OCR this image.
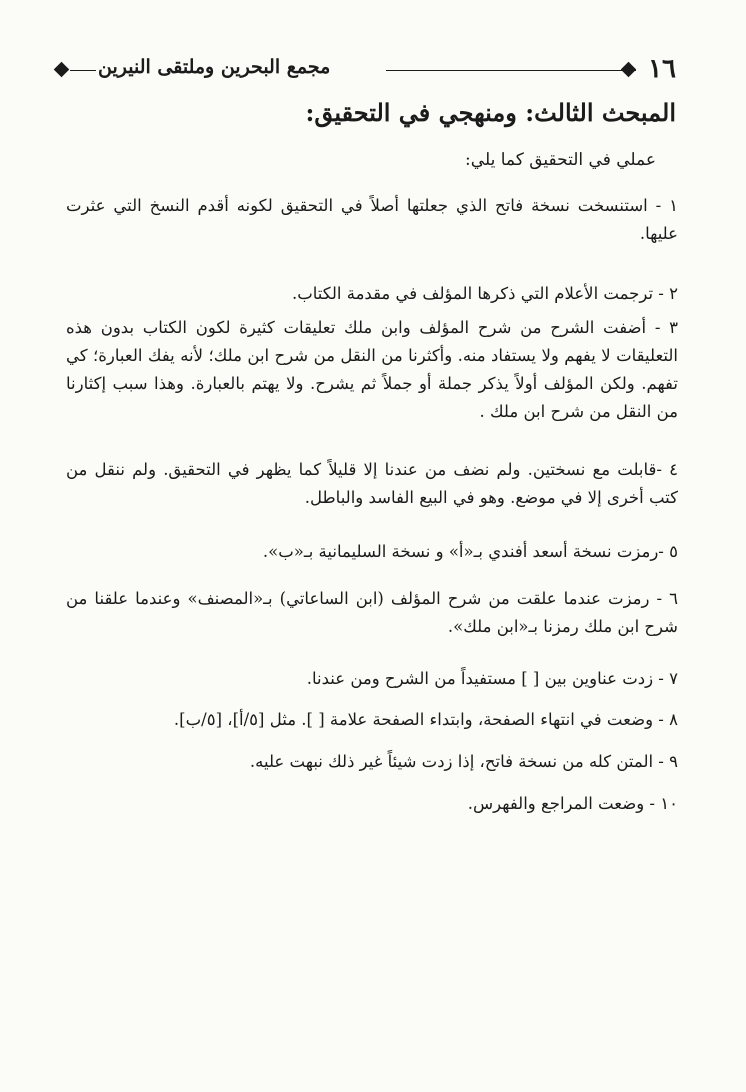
١٦
مجمع البحرين وملتقى النيرين
المبحث الثالث: ومنهجي في التحقيق:
عملي في التحقيق كما يلي:

١ - استنسخت نسخة فاتح الذي جعلتها أصلاً في التحقيق لكونه أقدم النسخ التي عثرت عليها.

٢ - ترجمت الأعلام التي ذكرها المؤلف في مقدمة الكتاب.

٣ - أضفت الشرح من شرح المؤلف وابن ملك تعليقات كثيرة لكون الكتاب بدون هذه التعليقات لا يفهم ولا يستفاد منه. وأكثرنا من النقل من شرح ابن ملك؛ لأنه يفك العبارة؛ كي تفهم. ولكن المؤلف أولاً يذكر جملة أو جملاً ثم يشرح. ولا يهتم بالعبارة. وهذا سبب إكثارنا من النقل من شرح ابن ملك .

٤ -قابلت مع نسختين. ولم نضف من عندنا إلا قليلاً كما يظهر في التحقيق. ولم ننقل من كتب أخرى إلا في موضع. وهو في البيع الفاسد والباطل.

٥ -رمزت نسخة أسعد أفندي بـ«أ» و نسخة السليمانية بـ«ب».

٦ - رمزت عندما علقت من شرح المؤلف (ابن الساعاتي) بـ«المصنف» وعندما علقنا من شرح ابن ملك رمزنا بـ«ابن ملك».

٧ - زدت عناوين بين [ ] مستفيداً من الشرح ومن عندنا.

٨ - وضعت في انتهاء الصفحة، وابتداء الصفحة علامة [ ]. مثل [٥/أ]، [٥/ب].

٩ - المتن كله من نسخة فاتح، إذا زدت شيئاً غير ذلك نبهت عليه.

١٠ - وضعت المراجع والفهرس.
